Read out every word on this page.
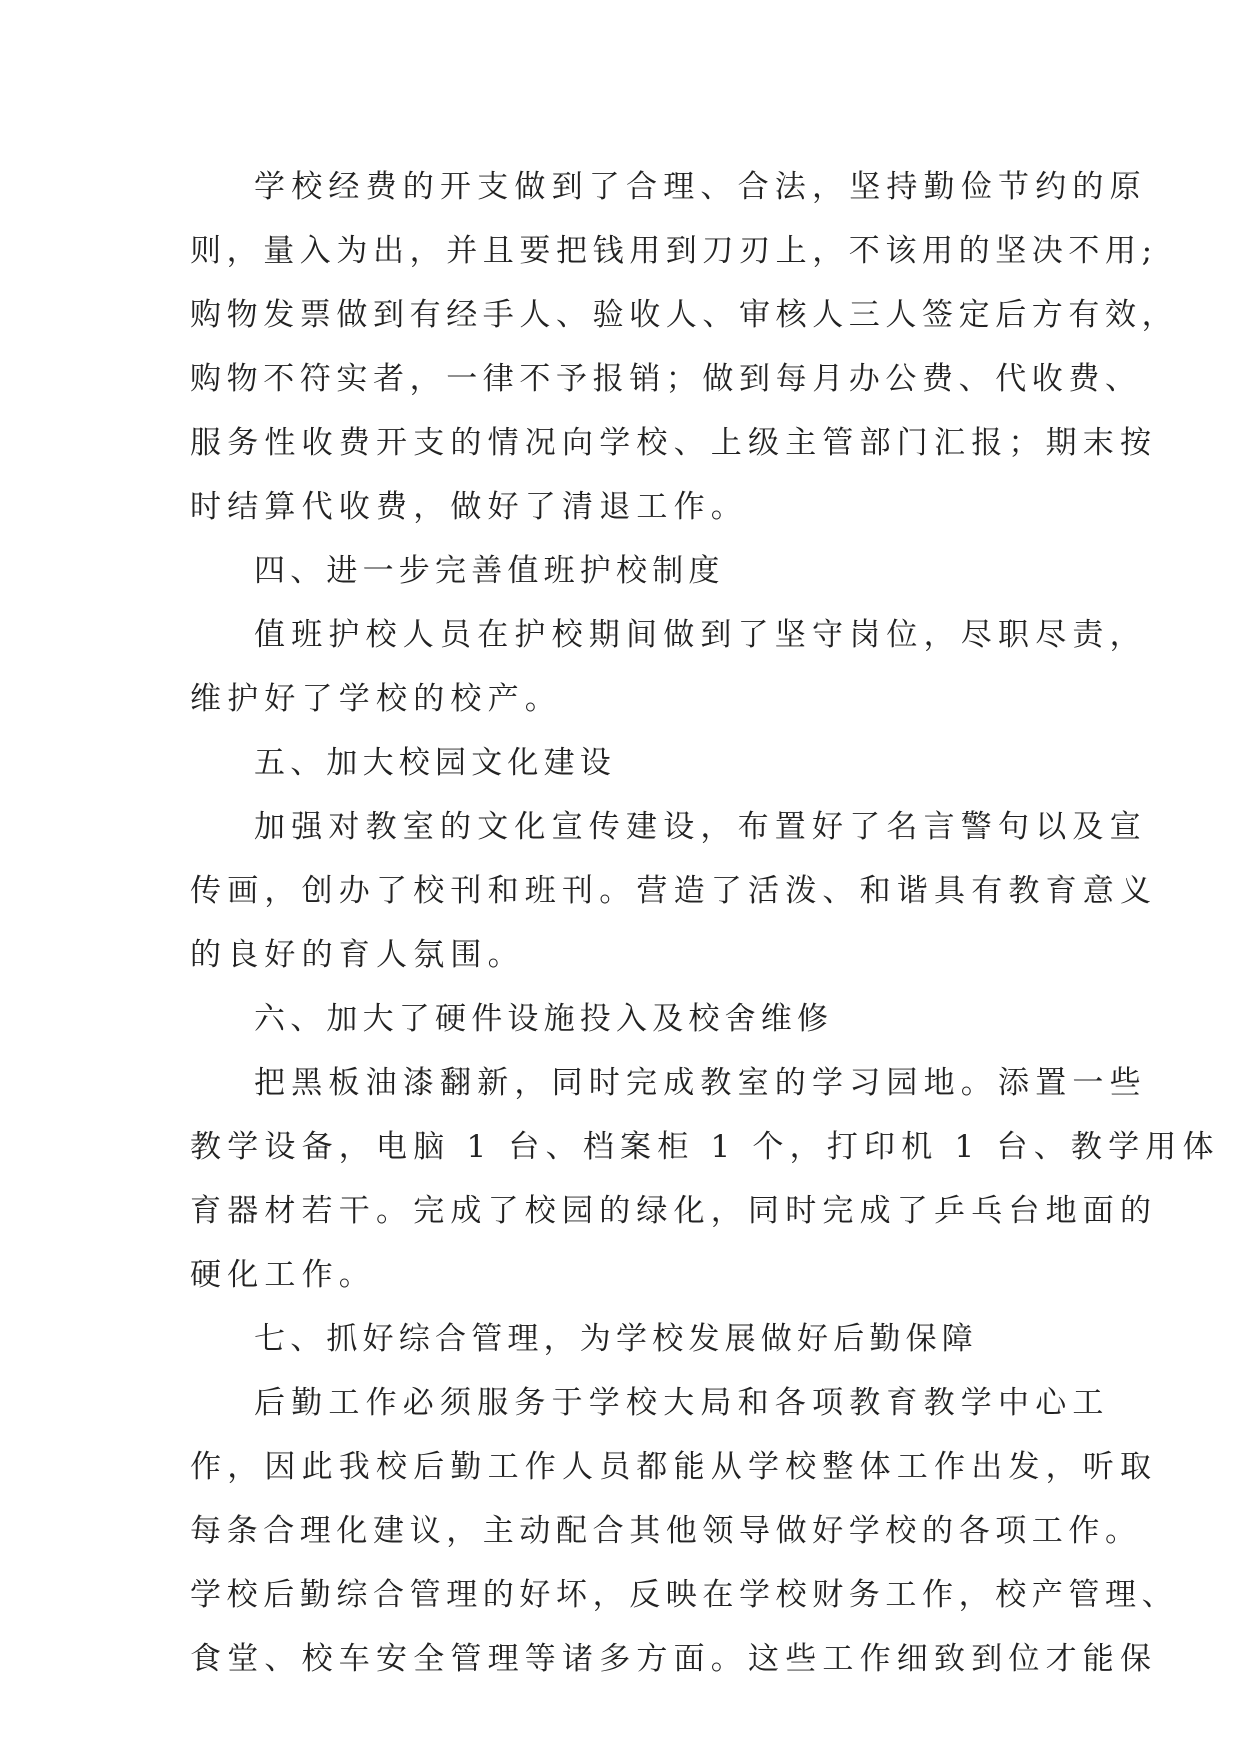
学校经费的开支做到了合理、合法，坚持勤俭节约的原
则，量入为出，并且要把钱用到刀刃上，不该用的坚决不用;
购物发票做到有经手人、验收人、审核人三人签定后方有效，
购物不符实者，一律不予报销；做到每月办公费、代收费、
服务性收费开支的情况向学校、上级主管部门汇报；期末按
时结算代收费，做好了清退工作。
四、进一步完善值班护校制度
值班护校人员在护校期间做到了坚守岗位，尽职尽责，
维护好了学校的校产。
五、加大校园文化建设
加强对教室的文化宣传建设，布置好了名言警句以及宣
传画，创办了校刊和班刊。营造了活泼、和谐具有教育意义
的良好的育人氛围。
六、加大了硬件设施投入及校舍维修
把黑板油漆翻新，同时完成教室的学习园地。添置一些
教学设备，电脑 1 台、档案柜 1 个，打印机 1 台、教学用体
育器材若干。完成了校园的绿化，同时完成了乒乓台地面的
硬化工作。
七、抓好综合管理，为学校发展做好后勤保障
后勤工作必须服务于学校大局和各项教育教学中心工
作，因此我校后勤工作人员都能从学校整体工作出发，听取
每条合理化建议，主动配合其他领导做好学校的各项工作。
学校后勤综合管理的好坏，反映在学校财务工作，校产管理、
食堂、校车安全管理等诸多方面。这些工作细致到位才能保
